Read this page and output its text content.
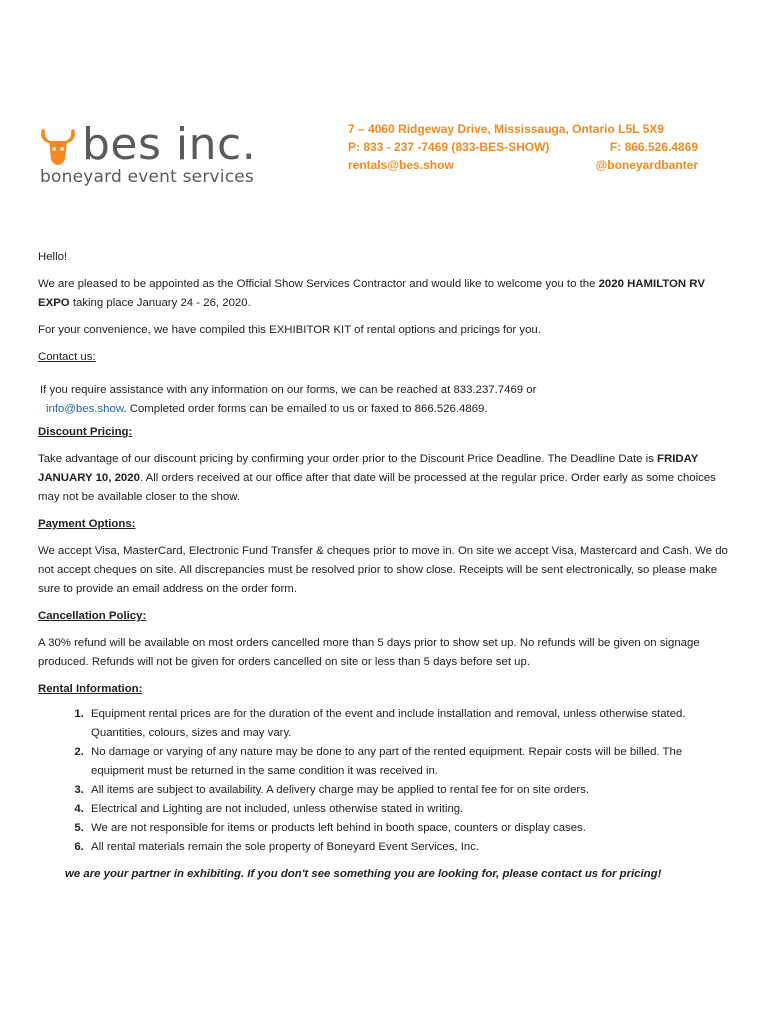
bes inc.
boneyard event services
7 – 4060 Ridgeway Drive, Mississauga, Ontario L5L 5X9
P: 833 - 237 -7469 (833-BES-SHOW)	F: 866.526.4869
rentals@bes.show	@boneyardbanter

Hello!

We are pleased to be appointed as the Official Show Services Contractor and would like to welcome you to the 2020 HAMILTON RV EXPO taking place January 24 - 26, 2020.

For your convenience, we have compiled this EXHIBITOR KIT of rental options and pricings for you.

Contact us:

If you require assistance with any information on our forms, we can be reached at 833.237.7469 or
info@bes.show. Completed order forms can be emailed to us or faxed to 866.526.4869.

Discount Pricing:

Take advantage of our discount pricing by confirming your order prior to the Discount Price Deadline. The Deadline Date is FRIDAY JANUARY 10, 2020. All orders received at our office after that date will be processed at the regular price. Order early as some choices may not be available closer to the show.

Payment Options:

We accept Visa, MasterCard, Electronic Fund Transfer & cheques prior to move in. On site we accept Visa, Mastercard and Cash. We do not accept cheques on site. All discrepancies must be resolved prior to show close. Receipts will be sent electronically, so please make sure to provide an email address on the order form.

Cancellation Policy:

A 30% refund will be available on most orders cancelled more than 5 days prior to show set up. No refunds will be given on signage produced. Refunds will not be given for orders cancelled on site or less than 5 days before set up.

Rental Information:

1. Equipment rental prices are for the duration of the event and include installation and removal, unless otherwise stated. Quantities, colours, sizes and may vary.
2. No damage or varying of any nature may be done to any part of the rented equipment. Repair costs will be billed. The equipment must be returned in the same condition it was received in.
3. All items are subject to availability. A delivery charge may be applied to rental fee for on site orders.
4. Electrical and Lighting are not included, unless otherwise stated in writing.
5. We are not responsible for items or products left behind in booth space, counters or display cases.
6. All rental materials remain the sole property of Boneyard Event Services, Inc.

we are your partner in exhibiting. If you don't see something you are looking for, please contact us for pricing!
